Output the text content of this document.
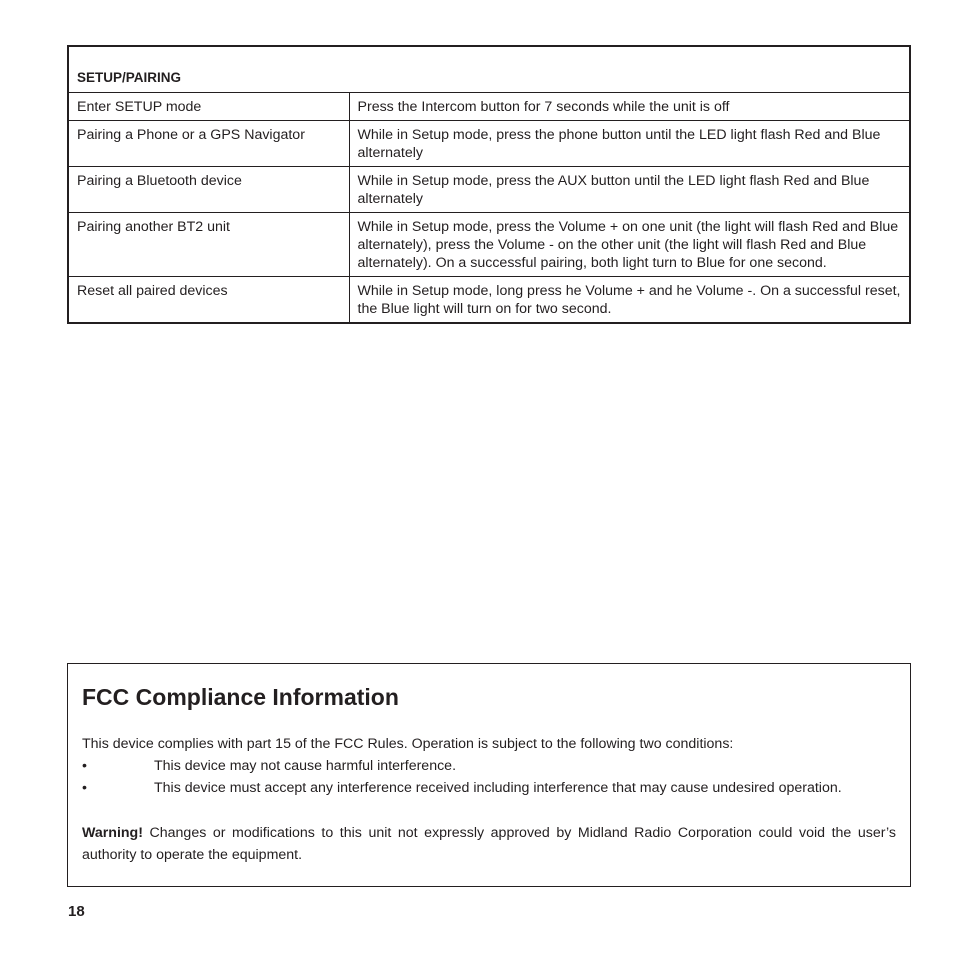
SETUP/PAIRING	
Enter SETUP mode	Press the Intercom button for 7 seconds while the unit is off
Pairing a Phone or a GPS Navigator	While in Setup mode, press the phone button until the LED light flash Red and Blue alternately
Pairing a Bluetooth device	While in Setup mode, press the AUX button until the LED light flash Red and Blue alternately
Pairing another BT2 unit	While in Setup mode, press the Volume + on one unit (the light will flash Red and Blue alternately), press the Volume - on the other unit (the light will flash Red and Blue alternately). On a successful pairing, both light turn to Blue for one second.
Reset all paired devices	While in Setup mode, long press he Volume + and he Volume -. On a successful reset, the Blue light will turn on for two second.
FCC Compliance Information
This device complies with part 15 of the FCC Rules. Operation is subject to the following two conditions:
•	This device may not cause harmful interference.
•	This device must accept any interference received including interference that may cause undesired operation.
Warning! Changes or modifications to this unit not expressly approved by Midland Radio Corporation could void the user’s authority to operate the equipment.
18
